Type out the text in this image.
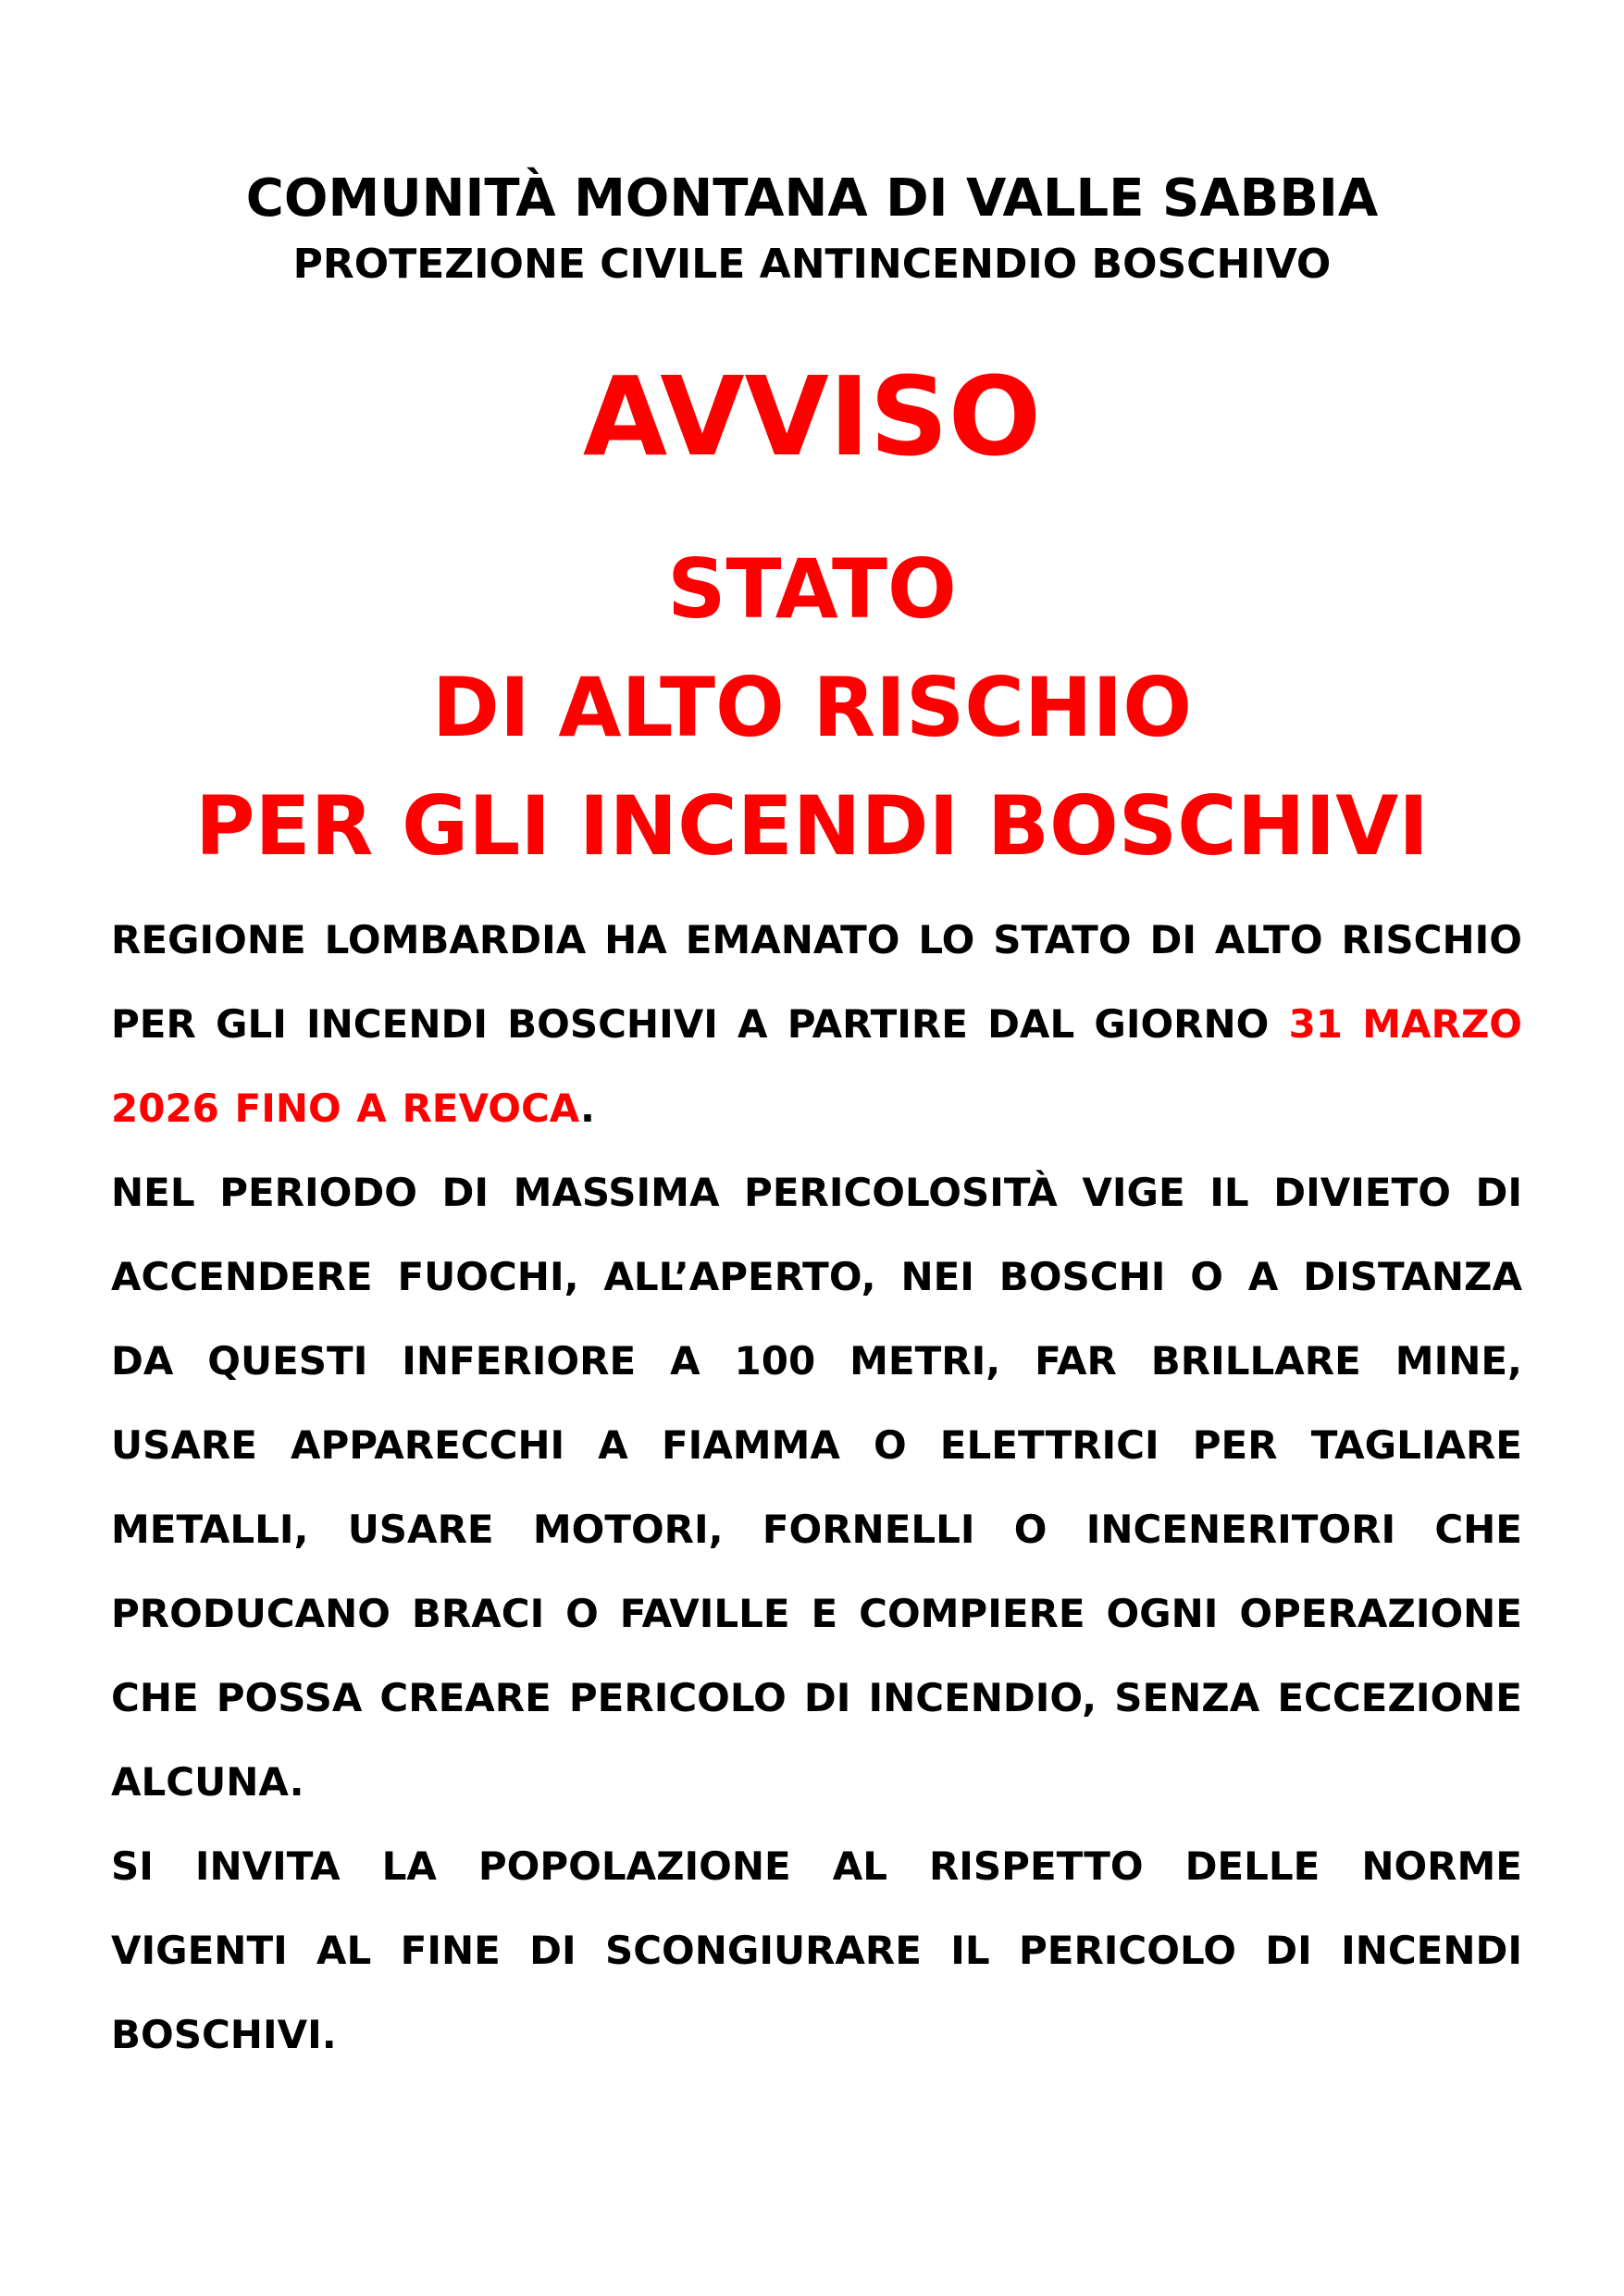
COMUNITÀ MONTANA DI VALLE SABBIA
PROTEZIONE CIVILE ANTINCENDIO BOSCHIVO
AVVISO
STATO
DI ALTO RISCHIO
PER GLI INCENDI BOSCHIVI

REGIONE LOMBARDIA HA EMANATO LO STATO DI ALTO RISCHIO PER GLI INCENDI BOSCHIVI A PARTIRE DAL GIORNO 31 MARZO 2026 FINO A REVOCA.

NEL PERIODO DI MASSIMA PERICOLOSITÀ VIGE IL DIVIETO DI ACCENDERE FUOCHI, ALL’APERTO, NEI BOSCHI O A DISTANZA DA QUESTI INFERIORE A 100 METRI, FAR BRILLARE MINE, USARE APPARECCHI A FIAMMA O ELETTRICI PER TAGLIARE METALLI, USARE MOTORI, FORNELLI O INCENERITORI CHE PRODUCANO BRACI O FAVILLE E COMPIERE OGNI OPERAZIONE CHE POSSA CREARE PERICOLO DI INCENDIO, SENZA ECCEZIONE ALCUNA.

SI INVITA LA POPOLAZIONE AL RISPETTO DELLE NORME VIGENTI AL FINE DI SCONGIURARE IL PERICOLO DI INCENDI BOSCHIVI.
